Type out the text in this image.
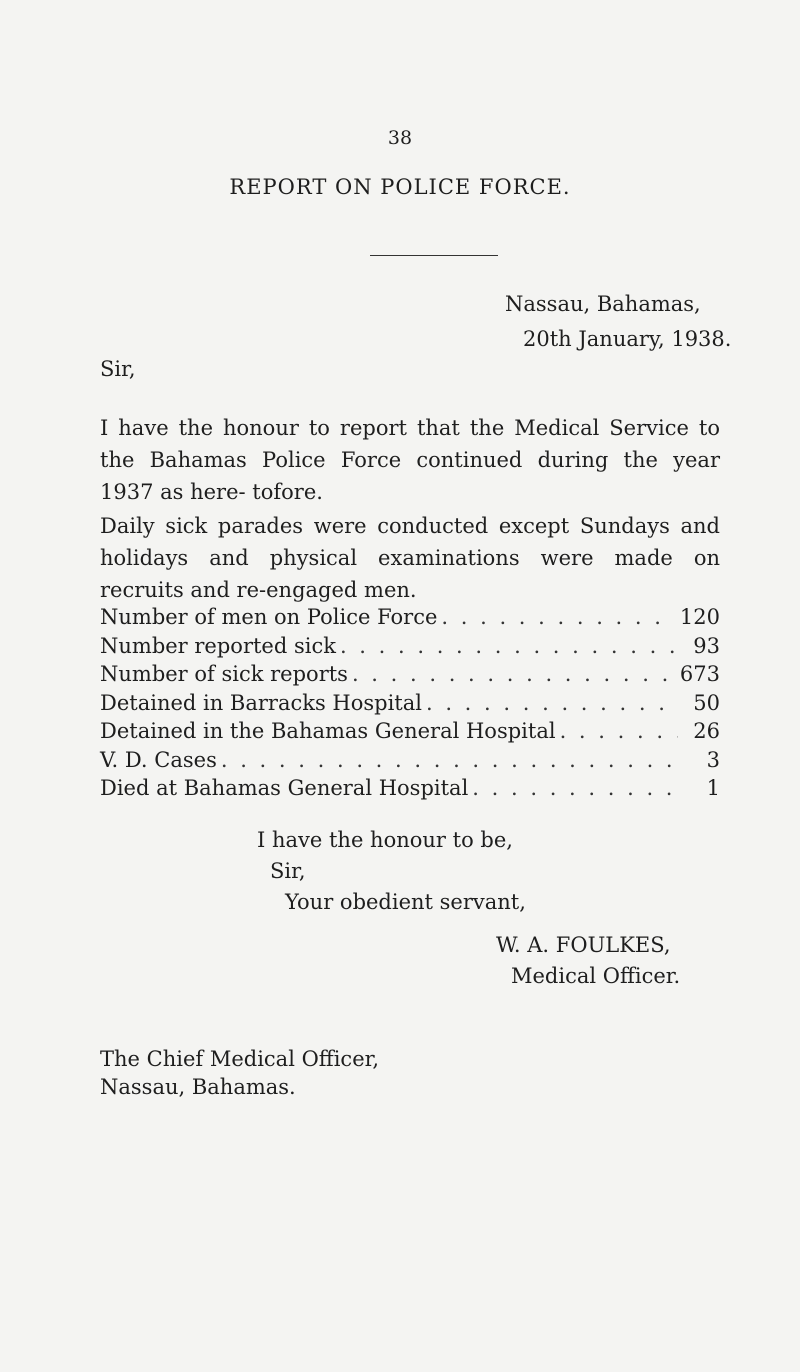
38
REPORT ON POLICE FORCE.
Nassau, Bahamas,
20th January, 1938.
Sir,
I have the honour to report that the Medical Service to the Bahamas Police Force continued during the year 1937 as here- tofore.
Daily sick parades were conducted except Sundays and holidays and physical examinations were made on recruits and re-engaged men.
Number of men on Police Force . . .	120
Number reported sick . . .	93
Number of sick reports . . .	673
Detained in Barracks Hospital . . .	50
Detained in the Bahamas General Hospital . . .	26
V. D. Cases . . .	3
Died at Bahamas General Hospital . . .	1
I have the honour to be,
Sir,
Your obedient servant,
W. A. FOULKES,
Medical Officer.
The Chief Medical Officer,
Nassau, Bahamas.
